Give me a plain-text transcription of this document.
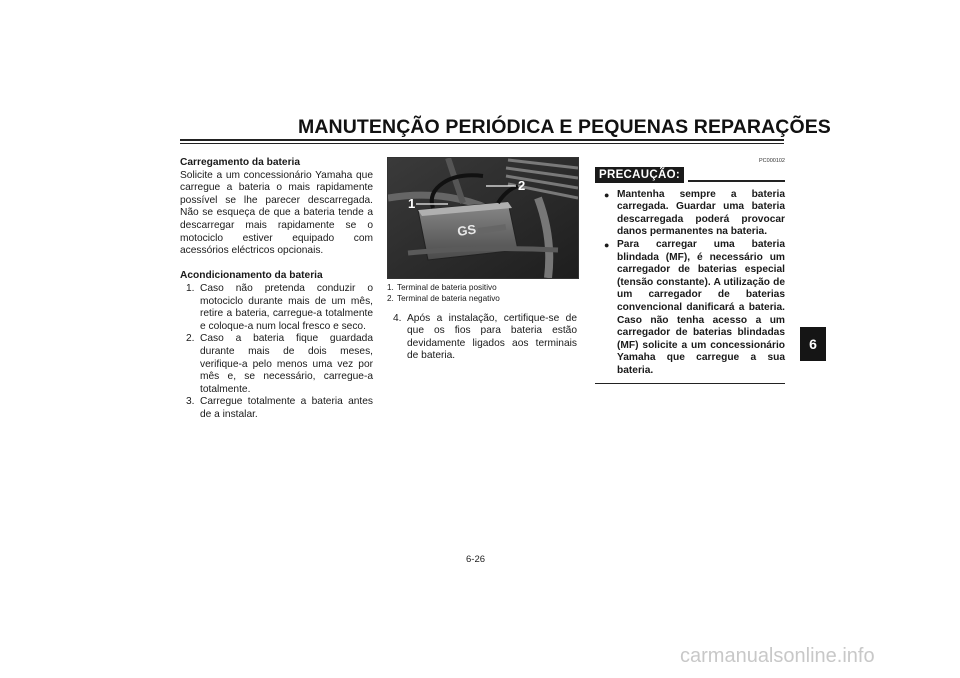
MANUTENÇÃO PERIÓDICA E PEQUENAS REPARAÇÕES
6
Carregamento da bateria

Solicite a um concessionário Yamaha que carregue a bateria o mais rapidamente possível se lhe parecer descarregada. Não se esqueça de que a bateria tende a descarregar mais rapidamente se o motociclo estiver equipado com acessórios eléctricos opcionais.

Acondicionamento da bateria
1. Caso não pretenda conduzir o motociclo durante mais de um mês, retire a bateria, carregue-a totalmente e coloque-a num local fresco e seco.
2. Caso a bateria fique guardada durante mais de dois meses, verifique-a pelo menos uma vez por mês e, se necessário, carregue-a totalmente.
3. Carregue totalmente a bateria antes de a instalar.
GS
1
2
1. Terminal de bateria positivo
2. Terminal de bateria negativo
4. Após a instalação, certifique-se de que os fios para bateria estão devidamente ligados aos terminais de bateria.
PC000102
PRECAUÇÃO:
● Mantenha sempre a bateria carregada. Guardar uma bateria descarregada poderá provocar danos permanentes na bateria.
● Para carregar uma bateria blindada (MF), é necessário um carregador de baterias especial (tensão constante). A utilização de um carregador de baterias convencional danificará a bateria. Caso não tenha acesso a um carregador de baterias blindadas (MF) solicite a um concessionário Yamaha que carregue a sua bateria.
6-26
carmanualsonline.info
